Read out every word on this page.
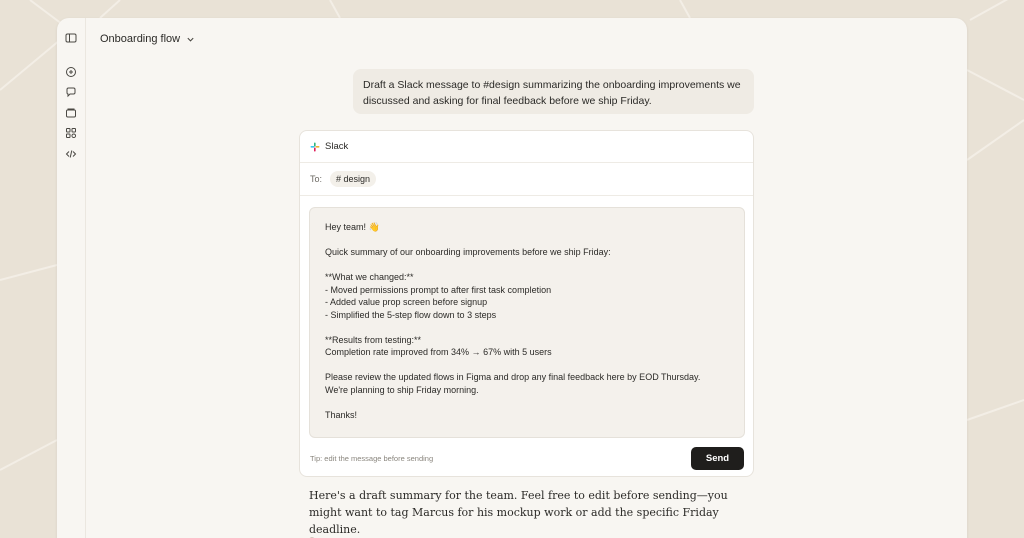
Onboarding flow
Draft a Slack message to #design summarizing the onboarding improvements we discussed and asking for final feedback before we ship Friday.
Slack
To:	# design
Hey team! 👋
Quick summary of our onboarding improvements before we ship Friday:
**What we changed:**
- Moved permissions prompt to after first task completion
- Added value prop screen before signup
- Simplified the 5-step flow down to 3 steps
**Results from testing:**
Completion rate improved from 34% → 67% with 5 users
Please review the updated flows in Figma and drop any final feedback here by EOD Thursday.
We're planning to ship Friday morning.
Thanks!
Tip: edit the message before sending	Send
Here's a draft summary for the team. Feel free to edit before sending—you might want to tag Marcus for his mockup work or add the specific Friday deadline.
